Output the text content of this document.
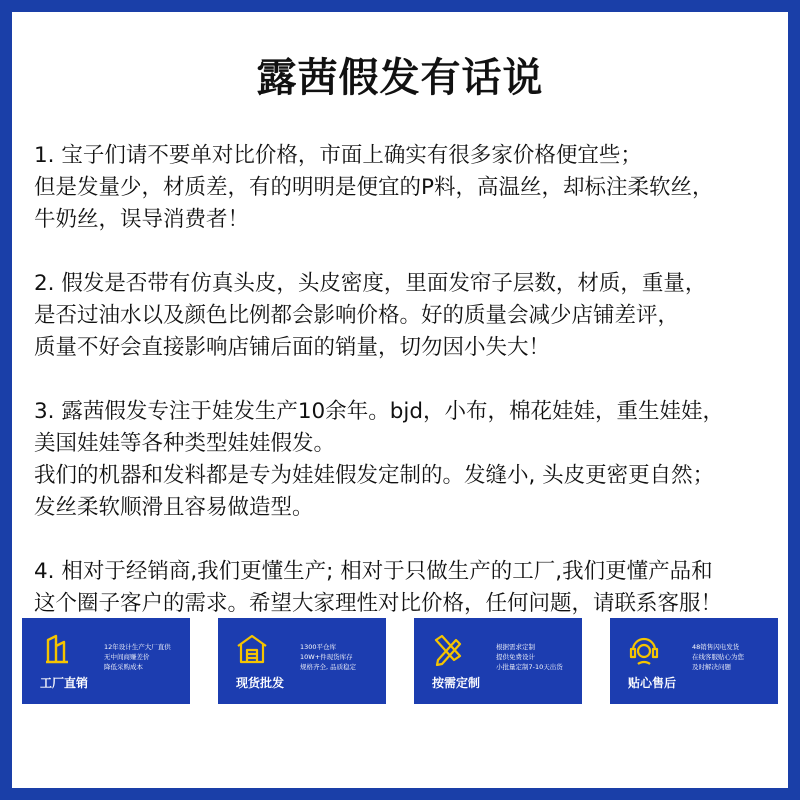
露茜假发有话说

1. 宝子们请不要单对比价格，市面上确实有很多家价格便宜些；
但是发量少，材质差，有的明明是便宜的P料，高温丝，却标注柔软丝，
牛奶丝，误导消费者！

2. 假发是否带有仿真头皮，头皮密度，里面发帘子层数，材质，重量，
是否过油水以及颜色比例都会影响价格。好的质量会减少店铺差评，
质量不好会直接影响店铺后面的销量，切勿因小失大！

3. 露茜假发专注于娃发生产10余年。bjd，小布，棉花娃娃，重生娃娃，
美国娃娃等各种类型娃娃假发。
我们的机器和发料都是专为娃娃假发定制的。发缝小, 头皮更密更自然；
发丝柔软顺滑且容易做造型。

4. 相对于经销商,我们更懂生产; 相对于只做生产的工厂,我们更懂产品和
这个圈子客户的需求。希望大家理性对比价格，任何问题，请联系客服！

工厂直销
12年设计生产大厂直供
无中间商赚差价
降低采购成本
现货批发
1300平仓库
10W+件现货库存
规格齐全, 品质稳定
按需定制
根据需求定制
提供免费设计
小批量定制7-10天出货
贴心售后
48销售闪电发货
在线客服贴心为您
及时解决问题
